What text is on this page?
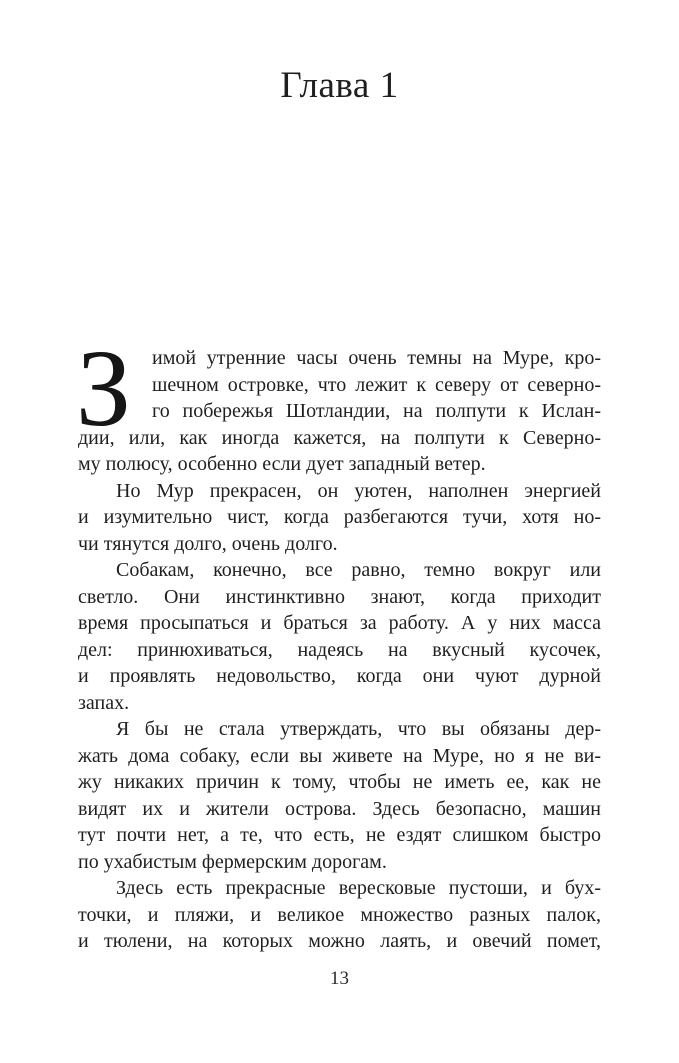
Глава 1
З	имой утренние часы очень темны на Муре, кро-
шечном островке, что лежит к северу от северно-
го побережья Шотландии, на полпути к Ислан-
дии, или, как иногда кажется, на полпути к Северно-
му полюсу, особенно если дует западный ветер.
Но Мур прекрасен, он уютен, наполнен энергией
и изумительно чист, когда разбегаются тучи, хотя но-
чи тянутся долго, очень долго.
Собакам, конечно, все равно, темно вокруг или
светло. Они инстинктивно знают, когда приходит
время просыпаться и браться за работу. А у них масса
дел: принюхиваться, надеясь на вкусный кусочек,
и проявлять недовольство, когда они чуют дурной
запах.
Я бы не стала утверждать, что вы обязаны дер-
жать дома собаку, если вы живете на Муре, но я не ви-
жу никаких причин к тому, чтобы не иметь ее, как не
видят их и жители острова. Здесь безопасно, машин
тут почти нет, а те, что есть, не ездят слишком быстро
по ухабистым фермерским дорогам.
Здесь есть прекрасные вересковые пустоши, и бух-
точки, и пляжи, и великое множество разных палок,
и тюлени, на которых можно лаять, и овечий помет,
13
